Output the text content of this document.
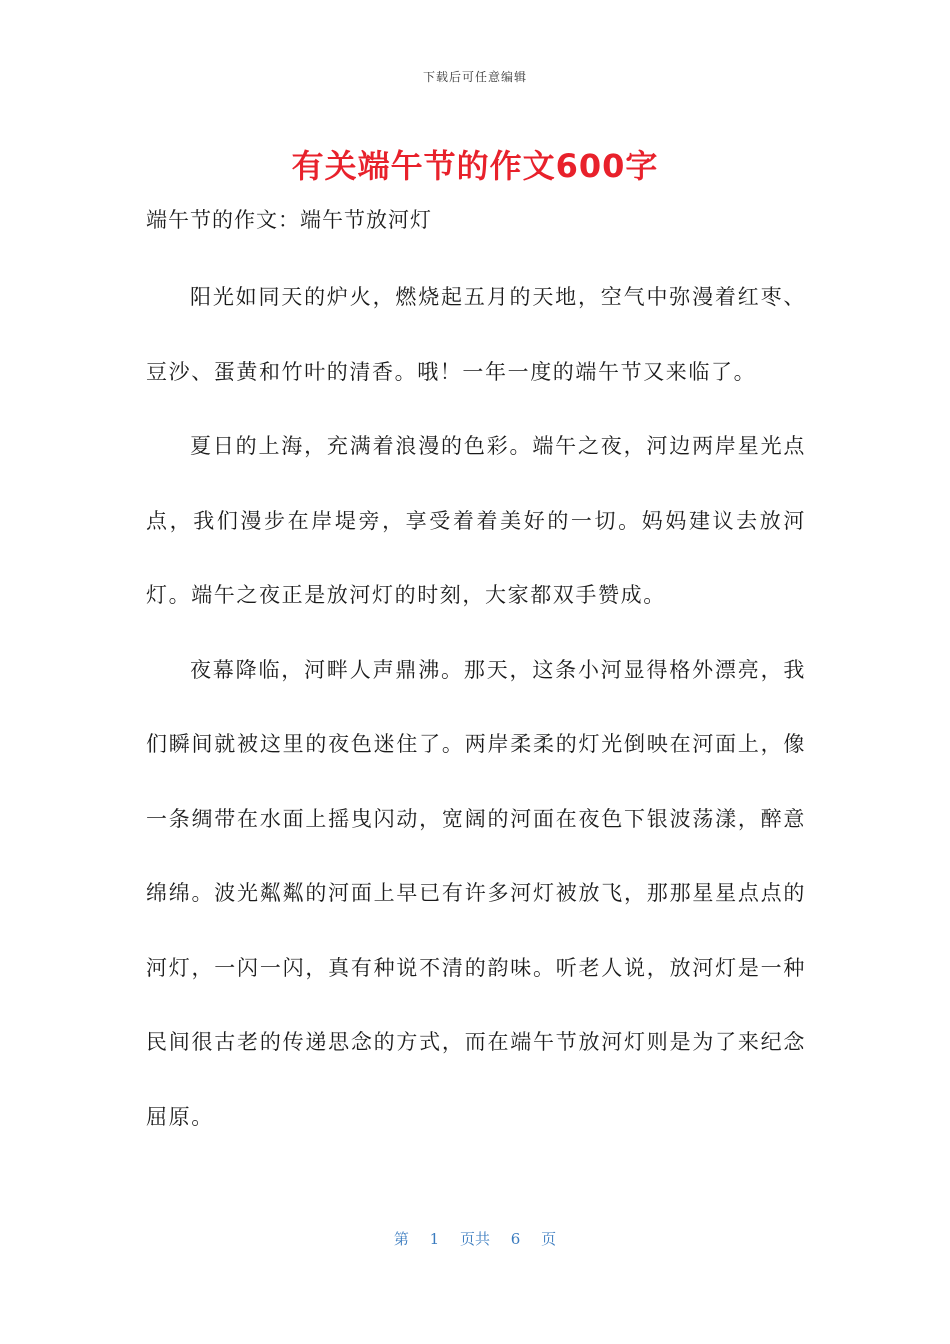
下载后可任意编辑
有关端午节的作文600字
端午节的作文：端午节放河灯

阳光如同天的炉火，燃烧起五月的天地，空气中弥漫着红枣、豆沙、蛋黄和竹叶的清香。哦！一年一度的端午节又来临了。

夏日的上海，充满着浪漫的色彩。端午之夜，河边两岸星光点点，我们漫步在岸堤旁，享受着着美好的一切。妈妈建议去放河灯。端午之夜正是放河灯的时刻，大家都双手赞成。

夜幕降临，河畔人声鼎沸。那天，这条小河显得格外漂亮，我们瞬间就被这里的夜色迷住了。两岸柔柔的灯光倒映在河面上，像一条绸带在水面上摇曳闪动，宽阔的河面在夜色下银波荡漾，醉意绵绵。波光粼粼的河面上早已有许多河灯被放飞，那那星星点点的河灯，一闪一闪，真有种说不清的韵味。听老人说，放河灯是一种民间很古老的传递思念的方式，而在端午节放河灯则是为了来纪念屈原。

第 1 页共 6 页
